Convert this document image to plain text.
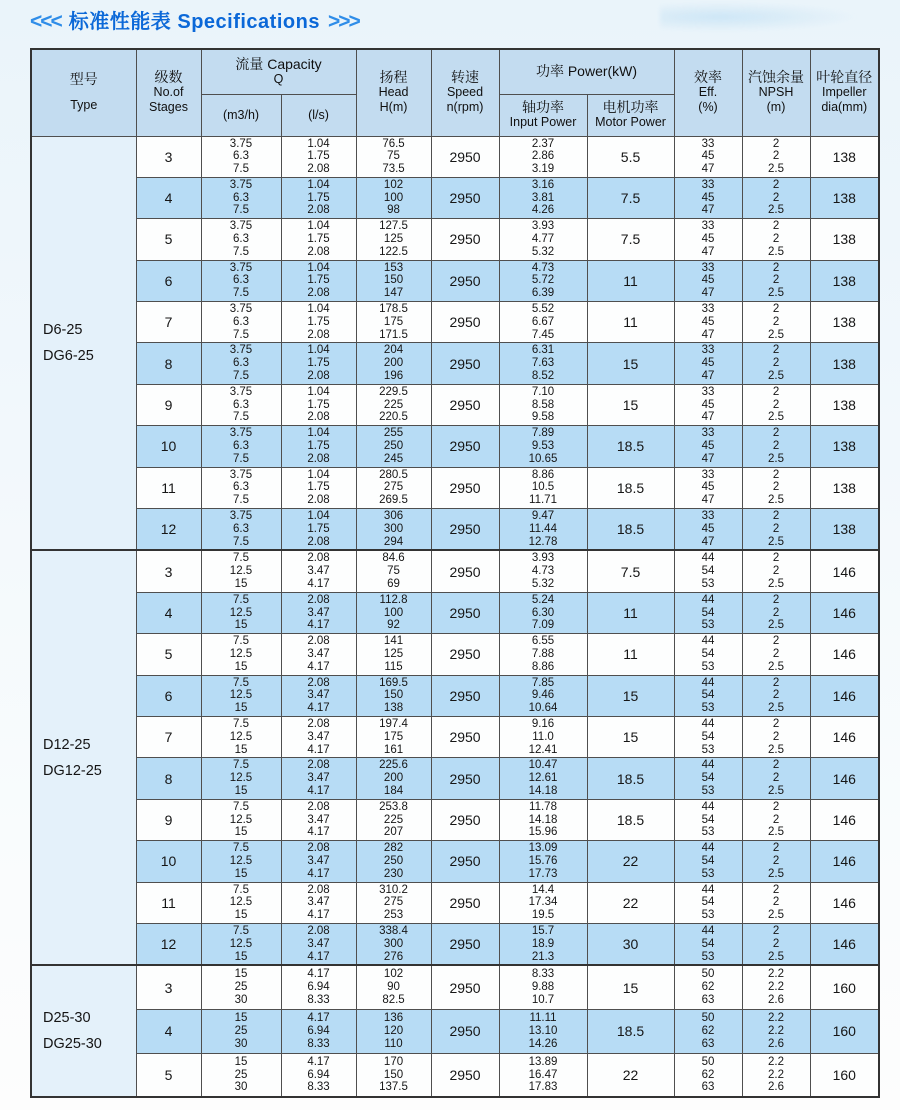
<<< 标准性能表 Specifications >>>
型号
Type	级数
No.of
Stages	流量 Capacity
Q		扬程
Head
H(m)	转速
Speed
n(rpm)	功率 Power(kW)		效率
Eff.
(%)	汽蚀余量
NPSH
(m)	叶轮直径
Impeller
dia(mm)

		(m3/h)	(l/s)			轴功率
Input Power	电机功率
Motor Power			

D6-25
DG6-25	3	3.75
6.3
7.5	1.04
1.75
2.08	76.5
75
73.5	2950	2.37
2.86
3.19	5.5	33
45
47	2
2
2.5	138
	4	3.75
6.3
7.5	1.04
1.75
2.08	102
100
98	2950	3.16
3.81
4.26	7.5	33
45
47	2
2
2.5	138
	5	3.75
6.3
7.5	1.04
1.75
2.08	127.5
125
122.5	2950	3.93
4.77
5.32	7.5	33
45
47	2
2
2.5	138
	6	3.75
6.3
7.5	1.04
1.75
2.08	153
150
147	2950	4.73
5.72
6.39	11	33
45
47	2
2
2.5	138
	7	3.75
6.3
7.5	1.04
1.75
2.08	178.5
175
171.5	2950	5.52
6.67
7.45	11	33
45
47	2
2
2.5	138
	8	3.75
6.3
7.5	1.04
1.75
2.08	204
200
196	2950	6.31
7.63
8.52	15	33
45
47	2
2
2.5	138
	9	3.75
6.3
7.5	1.04
1.75
2.08	229.5
225
220.5	2950	7.10
8.58
9.58	15	33
45
47	2
2
2.5	138
	10	3.75
6.3
7.5	1.04
1.75
2.08	255
250
245	2950	7.89
9.53
10.65	18.5	33
45
47	2
2
2.5	138
	11	3.75
6.3
7.5	1.04
1.75
2.08	280.5
275
269.5	2950	8.86
10.5
11.71	18.5	33
45
47	2
2
2.5	138
	12	3.75
6.3
7.5	1.04
1.75
2.08	306
300
294	2950	9.47
11.44
12.78	18.5	33
45
47	2
2
2.5	138

D12-25
DG12-25	3	7.5
12.5
15	2.08
3.47
4.17	84.6
75
69	2950	3.93
4.73
5.32	7.5	44
54
53	2
2
2.5	146
	4	7.5
12.5
15	2.08
3.47
4.17	112.8
100
92	2950	5.24
6.30
7.09	11	44
54
53	2
2
2.5	146
	5	7.5
12.5
15	2.08
3.47
4.17	141
125
115	2950	6.55
7.88
8.86	11	44
54
53	2
2
2.5	146
	6	7.5
12.5
15	2.08
3.47
4.17	169.5
150
138	2950	7.85
9.46
10.64	15	44
54
53	2
2
2.5	146
	7	7.5
12.5
15	2.08
3.47
4.17	197.4
175
161	2950	9.16
11.0
12.41	15	44
54
53	2
2
2.5	146
	8	7.5
12.5
15	2.08
3.47
4.17	225.6
200
184	2950	10.47
12.61
14.18	18.5	44
54
53	2
2
2.5	146
	9	7.5
12.5
15	2.08
3.47
4.17	253.8
225
207	2950	11.78
14.18
15.96	18.5	44
54
53	2
2
2.5	146
	10	7.5
12.5
15	2.08
3.47
4.17	282
250
230	2950	13.09
15.76
17.73	22	44
54
53	2
2
2.5	146
	11	7.5
12.5
15	2.08
3.47
4.17	310.2
275
253	2950	14.4
17.34
19.5	22	44
54
53	2
2
2.5	146
	12	7.5
12.5
15	2.08
3.47
4.17	338.4
300
276	2950	15.7
18.9
21.3	30	44
54
53	2
2
2.5	146

D25-30
DG25-30	3	15
25
30	4.17
6.94
8.33	102
90
82.5	2950	8.33
9.88
10.7	15	50
62
63	2.2
2.2
2.6	160
	4	15
25
30	4.17
6.94
8.33	136
120
110	2950	11.11
13.10
14.26	18.5	50
62
63	2.2
2.2
2.6	160
	5	15
25
30	4.17
6.94
8.33	170
150
137.5	2950	13.89
16.47
17.83	22	50
62
63	2.2
2.2
2.6	160
